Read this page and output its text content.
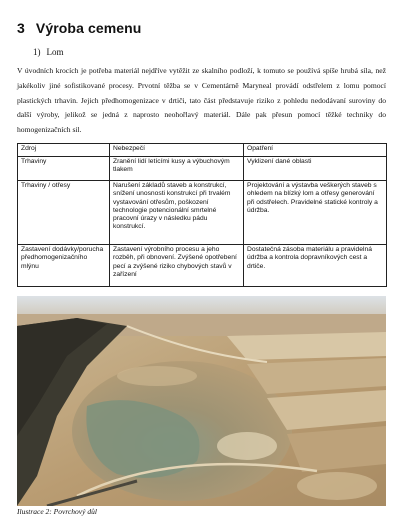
3 Výroba cemenu
1) Lom

V úvodních krocích je potřeba materiál nejdříve vytěžit ze skalního podloží, k tomuto se používá spíše hrubá síla, než jakékoliv jiné sofistikované procesy. Prvotní těžba se v Cementárně Maryneal provádí odstřelem z lomu pomocí plastických trhavin. Jejich předhomogenizace v drtiči, tato část představuje riziko z pohledu nedodávaní suroviny do další výroby, jelikož se jedná z naprosto neohořlavý materiál. Dále pak přesun pomocí těžké techniky do homogenizačních sil.

Zdroj	Nebezpečí	Opatření
Trhaviny	Zranění lidí letícími kusy a výbuchovým tlakem	Vyklizení dané oblasti
Trhaviny / otřesy	Narušení základů staveb a konstrukcí, snížení unosnosti konstrukcí při trvalém vystavování otřesům, poškození technologie potencionální smrtelné pracovní úrazy v následku pádu konstrukcí.	Projektování a výstavba veškerých staveb s ohledem na blízký lom a otřesy generování při odstřelech. Pravidelné statické kontroly a údržba.
Zastavení dodávky/porucha předhomogenizačního mlýnu	Zastavení výrobního procesu a jeho rozběh, při obnovení. Zvýšené opotřebení pecí a zvýšené riziko chybových stavů v zařízení	Dostatečná zásoba materiálu a pravidelná údržba a kontrola dopravníkových cest a drtiče.
Ilustrace 2: Povrchový důl
